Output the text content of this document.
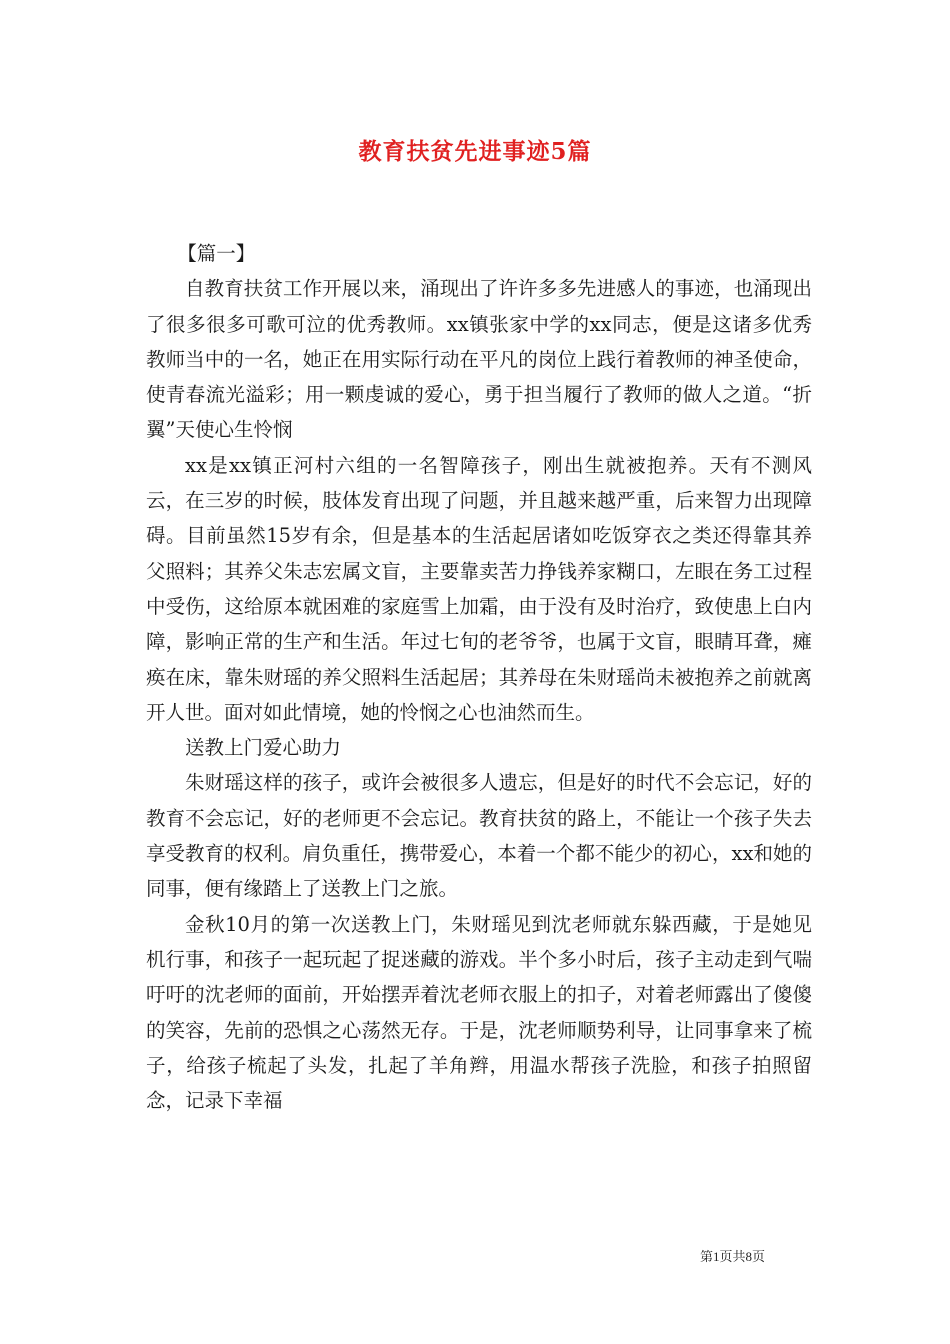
教育扶贫先进事迹5篇

【篇一】

自教育扶贫工作开展以来，涌现出了许许多多先进感人的事迹，也涌现出了很多很多可歌可泣的优秀教师。xx镇张家中学的xx同志，便是这诸多优秀教师当中的一名，她正在用实际行动在平凡的岗位上践行着教师的神圣使命，使青春流光溢彩；用一颗虔诚的爱心，勇于担当履行了教师的做人之道。“折翼”天使心生怜悯

xx是xx镇正河村六组的一名智障孩子，刚出生就被抱养。天有不测风云，在三岁的时候，肢体发育出现了问题，并且越来越严重，后来智力出现障碍。目前虽然15岁有余，但是基本的生活起居诸如吃饭穿衣之类还得靠其养父照料；其养父朱志宏属文盲，主要靠卖苦力挣钱养家糊口，左眼在务工过程中受伤，这给原本就困难的家庭雪上加霜，由于没有及时治疗，致使患上白内障，影响正常的生产和生活。年过七旬的老爷爷，也属于文盲，眼睛耳聋，瘫痪在床，靠朱财瑶的养父照料生活起居；其养母在朱财瑶尚未被抱养之前就离开人世。面对如此情境，她的怜悯之心也油然而生。

送教上门爱心助力

朱财瑶这样的孩子，或许会被很多人遗忘，但是好的时代不会忘记，好的教育不会忘记，好的老师更不会忘记。教育扶贫的路上，不能让一个孩子失去享受教育的权利。肩负重任，携带爱心，本着一个都不能少的初心，xx和她的同事，便有缘踏上了送教上门之旅。

金秋10月的第一次送教上门，朱财瑶见到沈老师就东躲西藏，于是她见机行事，和孩子一起玩起了捉迷藏的游戏。半个多小时后，孩子主动走到气喘吁吁的沈老师的面前，开始摆弄着沈老师衣服上的扣子，对着老师露出了傻傻的笑容，先前的恐惧之心荡然无存。于是，沈老师顺势利导，让同事拿来了梳子，给孩子梳起了头发，扎起了羊角辫，用温水帮孩子洗脸，和孩子拍照留念，记录下幸福

第1页共8页
